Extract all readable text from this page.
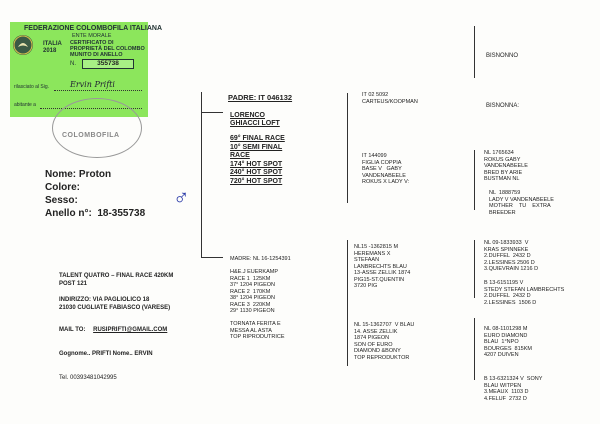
FEDERAZIONE COLOMBOFILA ITALIANA
ENTE MORALE
ITALIA
2018
CERTIFICATO DI
PROPRIETÀ DEL COLOMBO
MUNITO DI ANELLO
N.	355738
rilasciato al Sig.	Ervin Prifti
abitante a
COLOMBOFILA
Nome: Proton
Colore:
Sesso:
Anello n°: 18-355738
♂
TALENT QUATRO – FINAL RACE 420KM
POST 121
INDIRIZZO: VIA PAGLIOLICO 18
21030 CUGLIATE FABIASCO (VARESE)
MAIL TO: RUSIPRIFTI@GMAIL.COM
Gognome.. PRIFTI Nome.. ERVIN
Tel. 00393481042995
PADRE: IT 046132
LORENCO
GHIACCI LOFT
69° FINAL RACE
10° SEMI FINAL
RACE
174° HOT SPOT
240° HOT SPOT
720° HOT SPOT
MADRE: NL 16-1254391

H&E.J EUERKAMP
RACE 1  125KM
37° 1204 PIGEON
RACE 2  170KM
38° 1204 PIGEON
RACE 3  220KM
29° 1130 PIGEON

TORNATA FERITA E
MESSA AL ASTA
TOP RIPRODUTRICE
IT 02 5092
CARTEUS/KOOPMAN
IT 144099
FIGLIA COPPIA
BASE V   GABY
VANDENABEELE
ROKUS X LADY V:
NL15 -1362815 M
HEREMANS X
STEFAAN
LANBRECHTS BLAU
13-ASSE ZELLIK 1874
PIG15-ST.QUENTIN
3720 PIG
NL 15-1362707  V BLAU
14. ASSE ZELLIK
1874 PIGEON
SON OF EURO
DIAMOND &BONY
TOP REPRODUKTOR
BISNONNO
BISNONNA:
NL 1765634
ROKUS GABY
VANDENABEELE
BRED BY ARIE
BUSTMAN NL
NL  1888759
LADY V VANDENABEELE
MOTHER    TU    EXTRA
BREEDER
NL 09-1833933  V
KRAS SPINNEKE
2.DUFFEL  2432 D
2.LESSINES 2506 D
3.QUIEVRAIN 1216 D
B 13-6151195 V
STEDY STEFAN LAMBRECHTS
2.DUFFEL  2432 D
2.LESSINES  1506 D
NL 08-1101298 M
EURO DIAMOND
BLAU  1°NPO
BOURGES  815KM
4207 DUIVEN
B 13-6321324 V  SONY
BLAU WITPEN
3.MEAUX  1103 D
4.FELUF  2732 D
